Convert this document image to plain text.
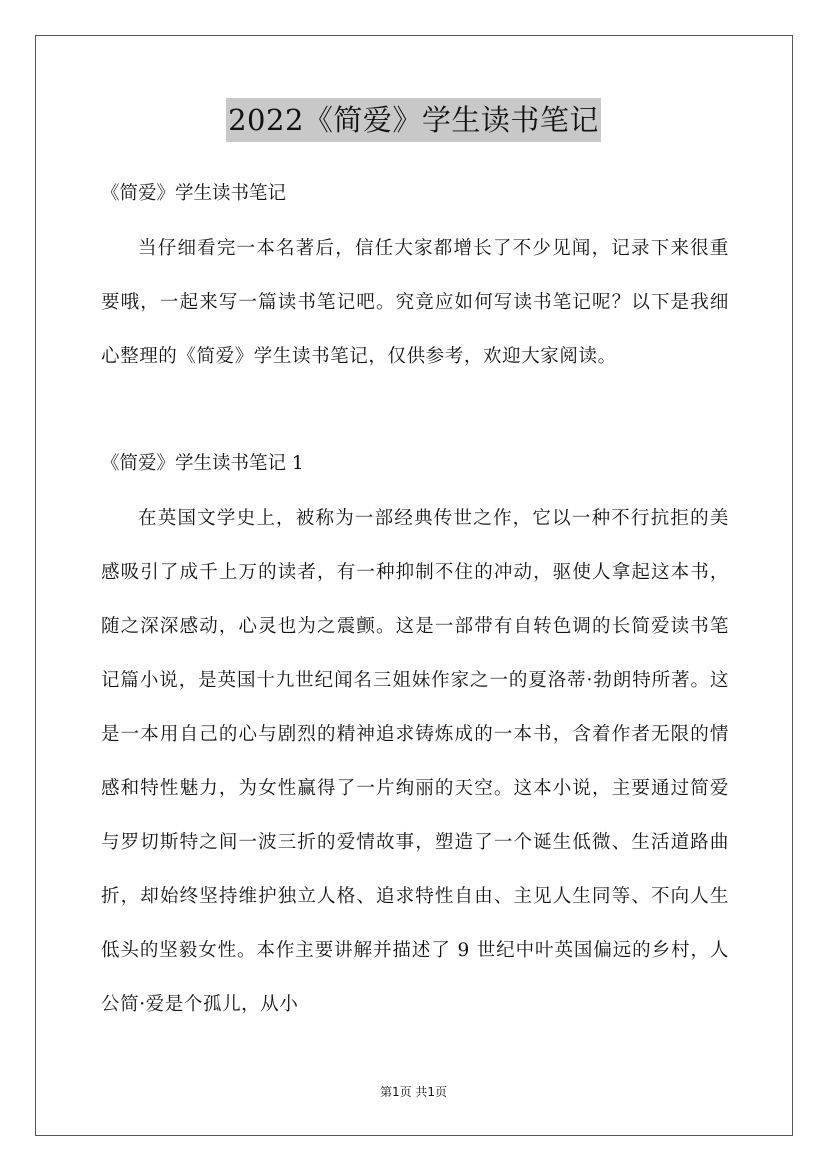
2022《简爱》学生读书笔记
《简爱》学生读书笔记

当仔细看完一本名著后，信任大家都增长了不少见闻，记录下来很重要哦，一起来写一篇读书笔记吧。究竟应如何写读书笔记呢？以下是我细心整理的《简爱》学生读书笔记，仅供参考，欢迎大家阅读。

《简爱》学生读书笔记 1

在英国文学史上，被称为一部经典传世之作，它以一种不行抗拒的美感吸引了成千上万的读者，有一种抑制不住的冲动，驱使人拿起这本书，随之深深感动，心灵也为之震颤。这是一部带有自转色调的长简爱读书笔记篇小说，是英国十九世纪闻名三姐妹作家之一的夏洛蒂·勃朗特所著。这是一本用自己的心与剧烈的精神追求铸炼成的一本书，含着作者无限的情感和特性魅力，为女性赢得了一片绚丽的天空。这本小说，主要通过简爱与罗切斯特之间一波三折的爱情故事，塑造了一个诞生低微、生活道路曲折，却始终坚持维护独立人格、追求特性自由、主见人生同等、不向人生低头的坚毅女性。本作主要讲解并描述了 9 世纪中叶英国偏远的乡村，人公简·爱是个孤儿，从小

第1页 共1页
